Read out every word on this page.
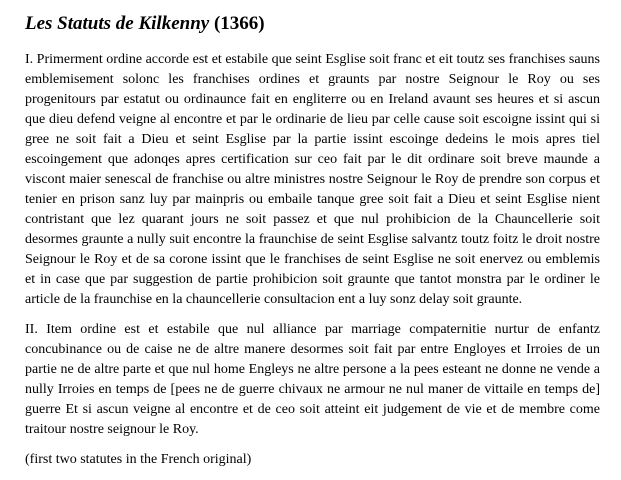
Les Statuts de Kilkenny (1366)

I. Primerment ordine accorde est et estabile que seint Esglise soit franc et eit toutz ses franchises sauns emblemisement solonc les franchises ordines et graunts par nostre Seignour le Roy ou ses progenitours par estatut ou ordinaunce fait en engliterre ou en Ireland avaunt ses heures et si ascun que dieu defend veigne al encontre et par le ordinarie de lieu par celle cause soit escoigne issint qui si gree ne soit fait a Dieu et seint Esglise par la partie issint escoinge dedeins le mois apres tiel escoingement que adonqes apres certification sur ceo fait par le dit ordinare soit breve maunde a viscont maier senescal de franchise ou altre ministres nostre Seignour le Roy de prendre son corpus et tenier en prison sanz luy par mainpris ou embaile tanque gree soit fait a Dieu et seint Esglise nient contristant que lez quarant jours ne soit passez et que nul prohibicion de la Chauncellerie soit desormes graunte a nully suit encontre la fraunchise de seint Esglise salvantz toutz foitz le droit nostre Seignour le Roy et de sa corone issint que le franchises de seint Esglise ne soit enervez ou emblemis et in case que par suggestion de partie prohibicion soit graunte que tantot monstra par le ordiner le article de la fraunchise en la chauncellerie consultacion ent a luy sonz delay soit graunte.

II. Item ordine est et estabile que nul alliance par marriage compaternitie nurtur de enfantz concubinance ou de caise ne de altre manere desormes soit fait par entre Engloyes et Irroies de un partie ne de altre parte et que nul home Engleys ne altre persone a la pees esteant ne donne ne vende a nully Irroies en temps de [pees ne de guerre chivaux ne armour ne nul maner de vittaile en temps de] guerre Et si ascun veigne al encontre et de ceo soit atteint eit judgement de vie et de membre come traitour nostre seignour le Roy.

(first two statutes in the French original)
